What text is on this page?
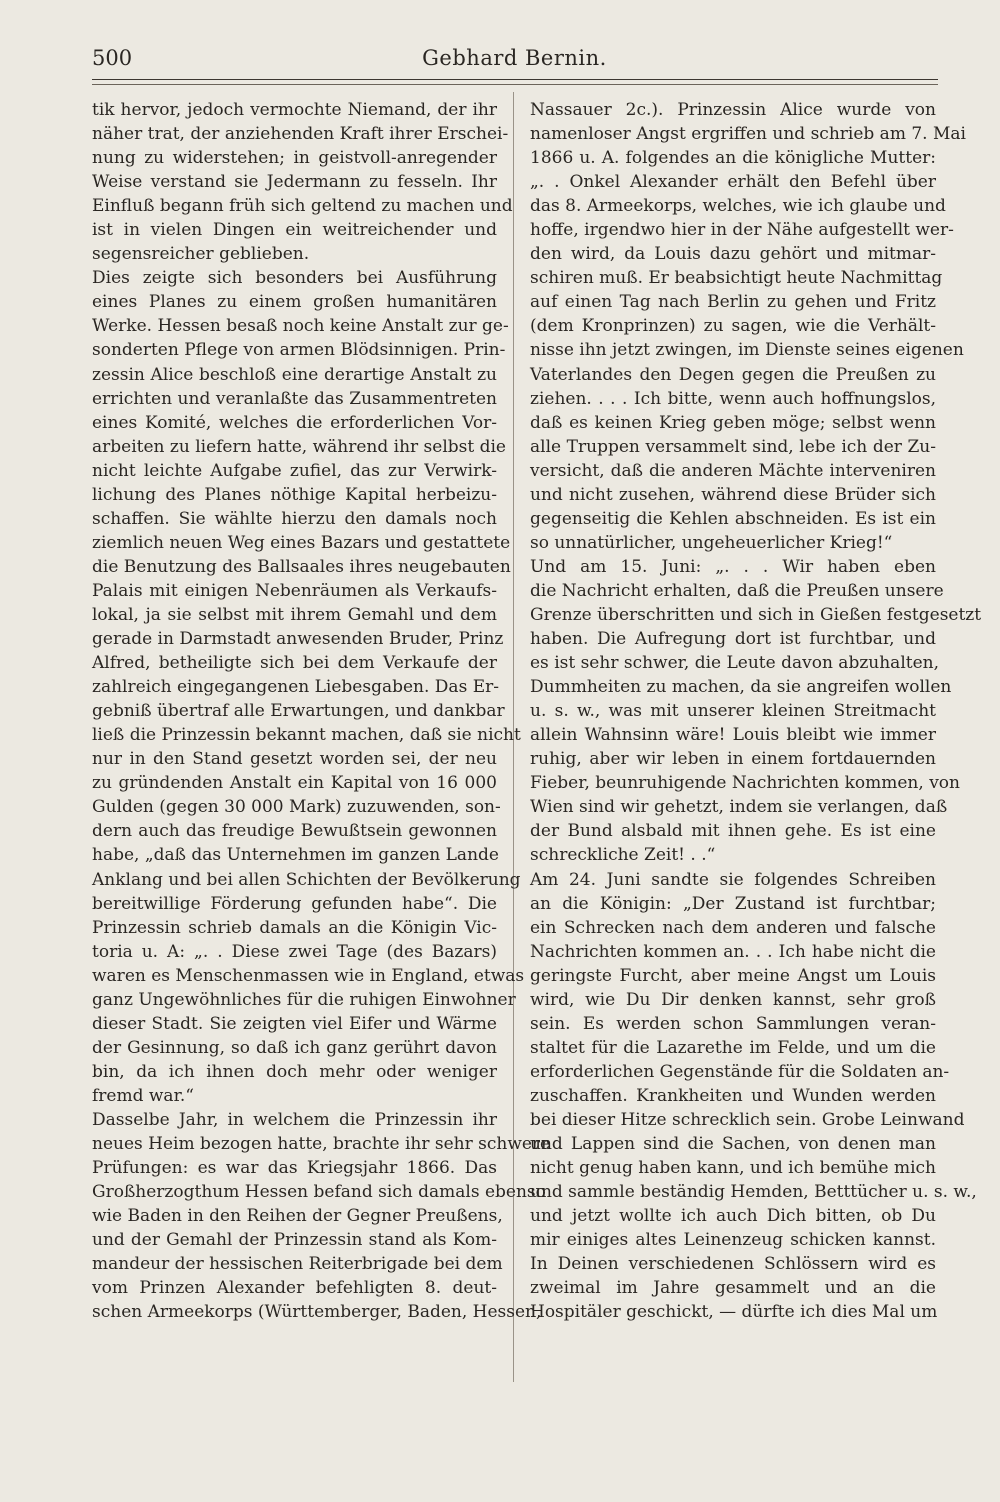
500	Gebhard Bernin.
tik hervor, jedoch vermochte Niemand, der ihr
näher trat, der anziehenden Kraft ihrer Erschei-
nung zu widerstehen; in geistvoll-anregender
Weise verstand sie Jedermann zu fesseln. Ihr
Einfluß begann früh sich geltend zu machen und
ist in vielen Dingen ein weitreichender und
segensreicher geblieben.
Dies zeigte sich besonders bei Ausführung
eines Planes zu einem großen humanitären
Werke. Hessen besaß noch keine Anstalt zur ge-
sonderten Pflege von armen Blödsinnigen. Prin-
zessin Alice beschloß eine derartige Anstalt zu
errichten und veranlaßte das Zusammentreten
eines Komité, welches die erforderlichen Vor-
arbeiten zu liefern hatte, während ihr selbst die
nicht leichte Aufgabe zufiel, das zur Verwirk-
lichung des Planes nöthige Kapital herbeizu-
schaffen. Sie wählte hierzu den damals noch
ziemlich neuen Weg eines Bazars und gestattete
die Benutzung des Ballsaales ihres neugebauten
Palais mit einigen Nebenräumen als Verkaufs-
lokal, ja sie selbst mit ihrem Gemahl und dem
gerade in Darmstadt anwesenden Bruder, Prinz
Alfred, betheiligte sich bei dem Verkaufe der
zahlreich eingegangenen Liebesgaben. Das Er-
gebniß übertraf alle Erwartungen, und dankbar
ließ die Prinzessin bekannt machen, daß sie nicht
nur in den Stand gesetzt worden sei, der neu
zu gründenden Anstalt ein Kapital von 16 000
Gulden (gegen 30 000 Mark) zuzuwenden, son-
dern auch das freudige Bewußtsein gewonnen
habe, „daß das Unternehmen im ganzen Lande
Anklang und bei allen Schichten der Bevölkerung
bereitwillige Förderung gefunden habe“. Die
Prinzessin schrieb damals an die Königin Vic-
toria u. A: „. . Diese zwei Tage (des Bazars)
waren es Menschenmassen wie in England, etwas
ganz Ungewöhnliches für die ruhigen Einwohner
dieser Stadt. Sie zeigten viel Eifer und Wärme
der Gesinnung, so daß ich ganz gerührt davon
bin, da ich ihnen doch mehr oder weniger
fremd war.“
Dasselbe Jahr, in welchem die Prinzessin ihr
neues Heim bezogen hatte, brachte ihr sehr schwere
Prüfungen: es war das Kriegsjahr 1866. Das
Großherzogthum Hessen befand sich damals ebenso
wie Baden in den Reihen der Gegner Preußens,
und der Gemahl der Prinzessin stand als Kom-
mandeur der hessischen Reiterbrigade bei dem
vom Prinzen Alexander befehligten 8. deut-
schen Armeekorps (Württemberger, Baden, Hessen,
Nassauer 2c.). Prinzessin Alice wurde von
namenloser Angst ergriffen und schrieb am 7. Mai
1866 u. A. folgendes an die königliche Mutter:
„. . Onkel Alexander erhält den Befehl über
das 8. Armeekorps, welches, wie ich glaube und
hoffe, irgendwo hier in der Nähe aufgestellt wer-
den wird, da Louis dazu gehört und mitmar-
schiren muß. Er beabsichtigt heute Nachmittag
auf einen Tag nach Berlin zu gehen und Fritz
(dem Kronprinzen) zu sagen, wie die Verhält-
nisse ihn jetzt zwingen, im Dienste seines eigenen
Vaterlandes den Degen gegen die Preußen zu
ziehen. . . . Ich bitte, wenn auch hoffnungslos,
daß es keinen Krieg geben möge; selbst wenn
alle Truppen versammelt sind, lebe ich der Zu-
versicht, daß die anderen Mächte interveniren
und nicht zusehen, während diese Brüder sich
gegenseitig die Kehlen abschneiden. Es ist ein
so unnatürlicher, ungeheuerlicher Krieg!“
Und am 15. Juni: „. . . Wir haben eben
die Nachricht erhalten, daß die Preußen unsere
Grenze überschritten und sich in Gießen festgesetzt
haben. Die Aufregung dort ist furchtbar, und
es ist sehr schwer, die Leute davon abzuhalten,
Dummheiten zu machen, da sie angreifen wollen
u. s. w., was mit unserer kleinen Streitmacht
allein Wahnsinn wäre! Louis bleibt wie immer
ruhig, aber wir leben in einem fortdauernden
Fieber, beunruhigende Nachrichten kommen, von
Wien sind wir gehetzt, indem sie verlangen, daß
der Bund alsbald mit ihnen gehe. Es ist eine
schreckliche Zeit! . .“
Am 24. Juni sandte sie folgendes Schreiben
an die Königin: „Der Zustand ist furchtbar;
ein Schrecken nach dem anderen und falsche
Nachrichten kommen an. . . Ich habe nicht die
geringste Furcht, aber meine Angst um Louis
wird, wie Du Dir denken kannst, sehr groß
sein. Es werden schon Sammlungen veran-
staltet für die Lazarethe im Felde, und um die
erforderlichen Gegenstände für die Soldaten an-
zuschaffen. Krankheiten und Wunden werden
bei dieser Hitze schrecklich sein. Grobe Leinwand
und Lappen sind die Sachen, von denen man
nicht genug haben kann, und ich bemühe mich
und sammle beständig Hemden, Betttücher u. s. w.,
und jetzt wollte ich auch Dich bitten, ob Du
mir einiges altes Leinenzeug schicken kannst.
In Deinen verschiedenen Schlössern wird es
zweimal im Jahre gesammelt und an die
Hospitäler geschickt, — dürfte ich dies Mal um
